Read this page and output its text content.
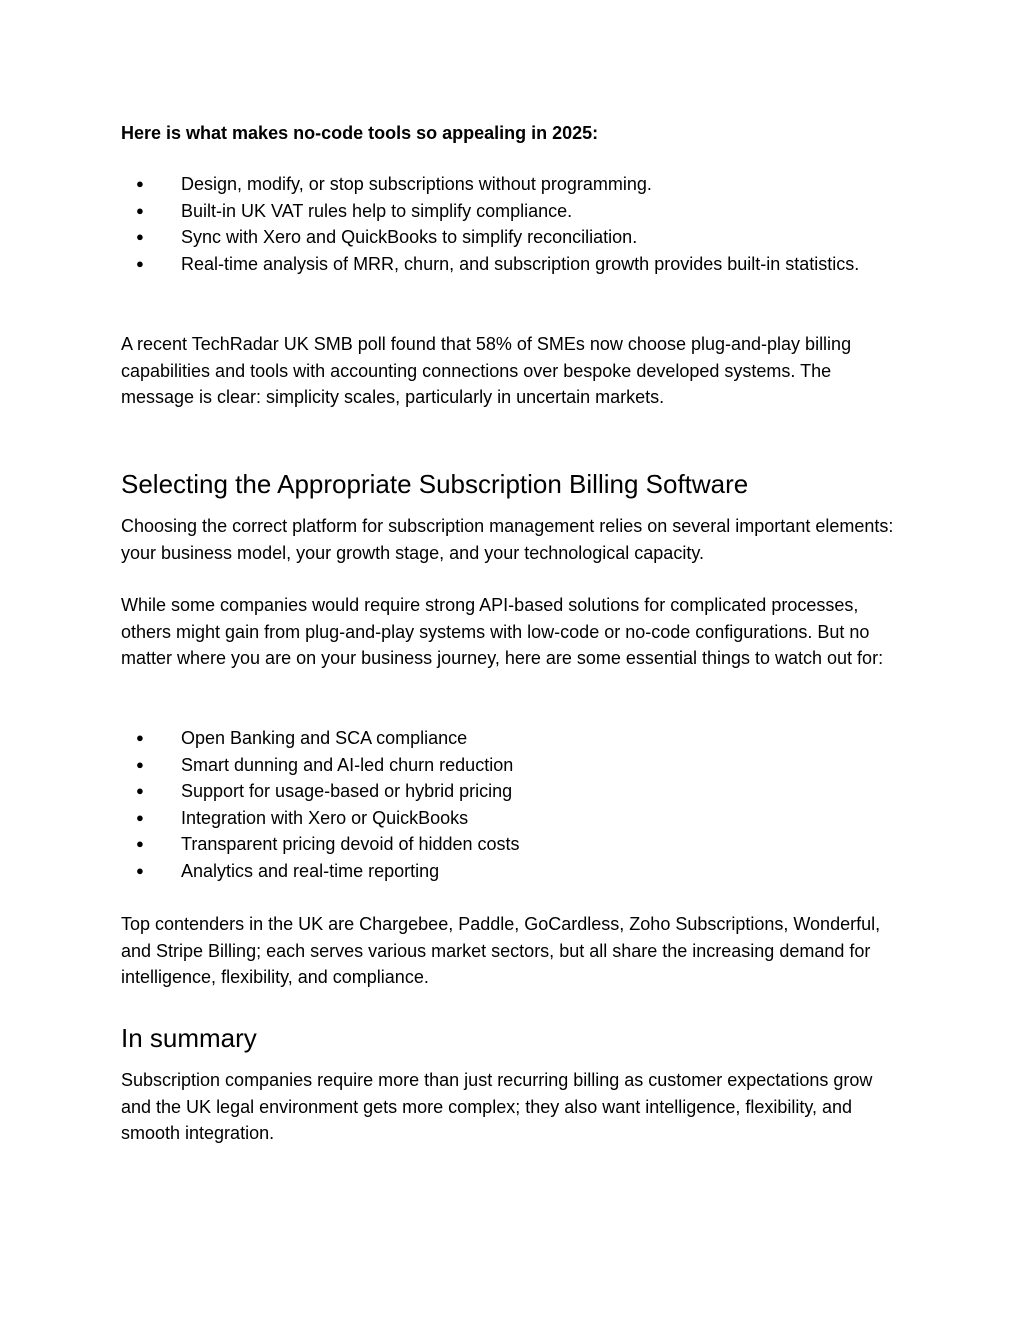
Here is what makes no-code tools so appealing in 2025:

● Design, modify, or stop subscriptions without programming.
● Built-in UK VAT rules help to simplify compliance.
● Sync with Xero and QuickBooks to simplify reconciliation.
● Real-time analysis of MRR, churn, and subscription growth provides built-in statistics.

A recent TechRadar UK SMB poll found that 58% of SMEs now choose plug-and-play billing capabilities and tools with accounting connections over bespoke developed systems. The message is clear: simplicity scales, particularly in uncertain markets.

Selecting the Appropriate Subscription Billing Software

Choosing the correct platform for subscription management relies on several important elements: your business model, your growth stage, and your technological capacity.

While some companies would require strong API-based solutions for complicated processes, others might gain from plug-and-play systems with low-code or no-code configurations. But no matter where you are on your business journey, here are some essential things to watch out for:

● Open Banking and SCA compliance
● Smart dunning and AI-led churn reduction
● Support for usage-based or hybrid pricing
● Integration with Xero or QuickBooks
● Transparent pricing devoid of hidden costs
● Analytics and real-time reporting

Top contenders in the UK are Chargebee, Paddle, GoCardless, Zoho Subscriptions, Wonderful, and Stripe Billing; each serves various market sectors, but all share the increasing demand for intelligence, flexibility, and compliance.

In summary

Subscription companies require more than just recurring billing as customer expectations grow and the UK legal environment gets more complex; they also want intelligence, flexibility, and smooth integration.
